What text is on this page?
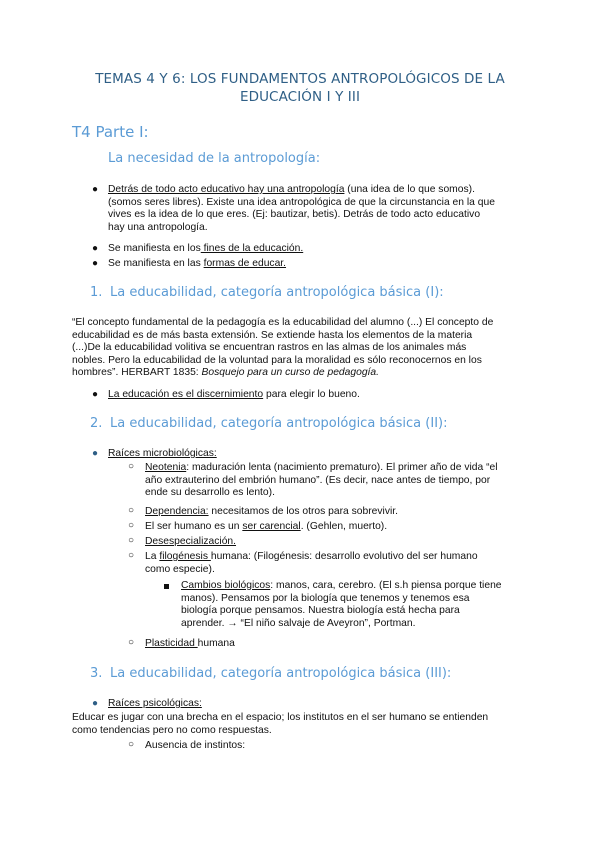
TEMAS 4 Y 6: LOS FUNDAMENTOS ANTROPOLÓGICOS DE LA EDUCACIÓN I Y III
T4 Parte I:
La necesidad de la antropología:
● Detrás de todo acto educativo hay una antropología (una idea de lo que somos).
(somos seres libres). Existe una idea antropológica de que la circunstancia en la que
vives es la idea de lo que eres. (Ej: bautizar, betis). Detrás de todo acto educativo
hay una antropología.
● Se manifiesta en los fines de la educación.
● Se manifiesta en las formas de educar.
1. La educabilidad, categoría antropológica básica (I):
“El concepto fundamental de la pedagogía es la educabilidad del alumno (...) El concepto de
educabilidad es de más basta extensión. Se extiende hasta los elementos de la materia
(...)De la educabilidad volitiva se encuentran rastros en las almas de los animales más
nobles. Pero la educabilidad de la voluntad para la moralidad es sólo reconocernos en los
hombres”. HERBART 1835: Bosquejo para un curso de pedagogía.
● La educación es el discernimiento para elegir lo bueno.
2. La educabilidad, categoría antropológica básica (II):
● Raíces microbiológicas:
○ Neotenia: maduración lenta (nacimiento prematuro). El primer año de vida “el
año extrauterino del embrión humano”. (Es decir, nace antes de tiempo, por
ende su desarrollo es lento).
○ Dependencia: necesitamos de los otros para sobrevivir.
○ El ser humano es un ser carencial. (Gehlen, muerto).
○ Desespecialización.
○ La filogénesis humana: (Filogénesis: desarrollo evolutivo del ser humano
como especie).
Cambios biológicos: manos, cara, cerebro. (El s.h piensa porque tiene
manos). Pensamos por la biología que tenemos y tenemos esa
biología porque pensamos. Nuestra biología está hecha para
aprender. → “El niño salvaje de Aveyron”, Portman.
○ Plasticidad humana
3. La educabilidad, categoría antropológica básica (III):
● Raíces psicológicas:
Educar es jugar con una brecha en el espacio; los institutos en el ser humano se entienden
como tendencias pero no como respuestas.
○ Ausencia de instintos:
